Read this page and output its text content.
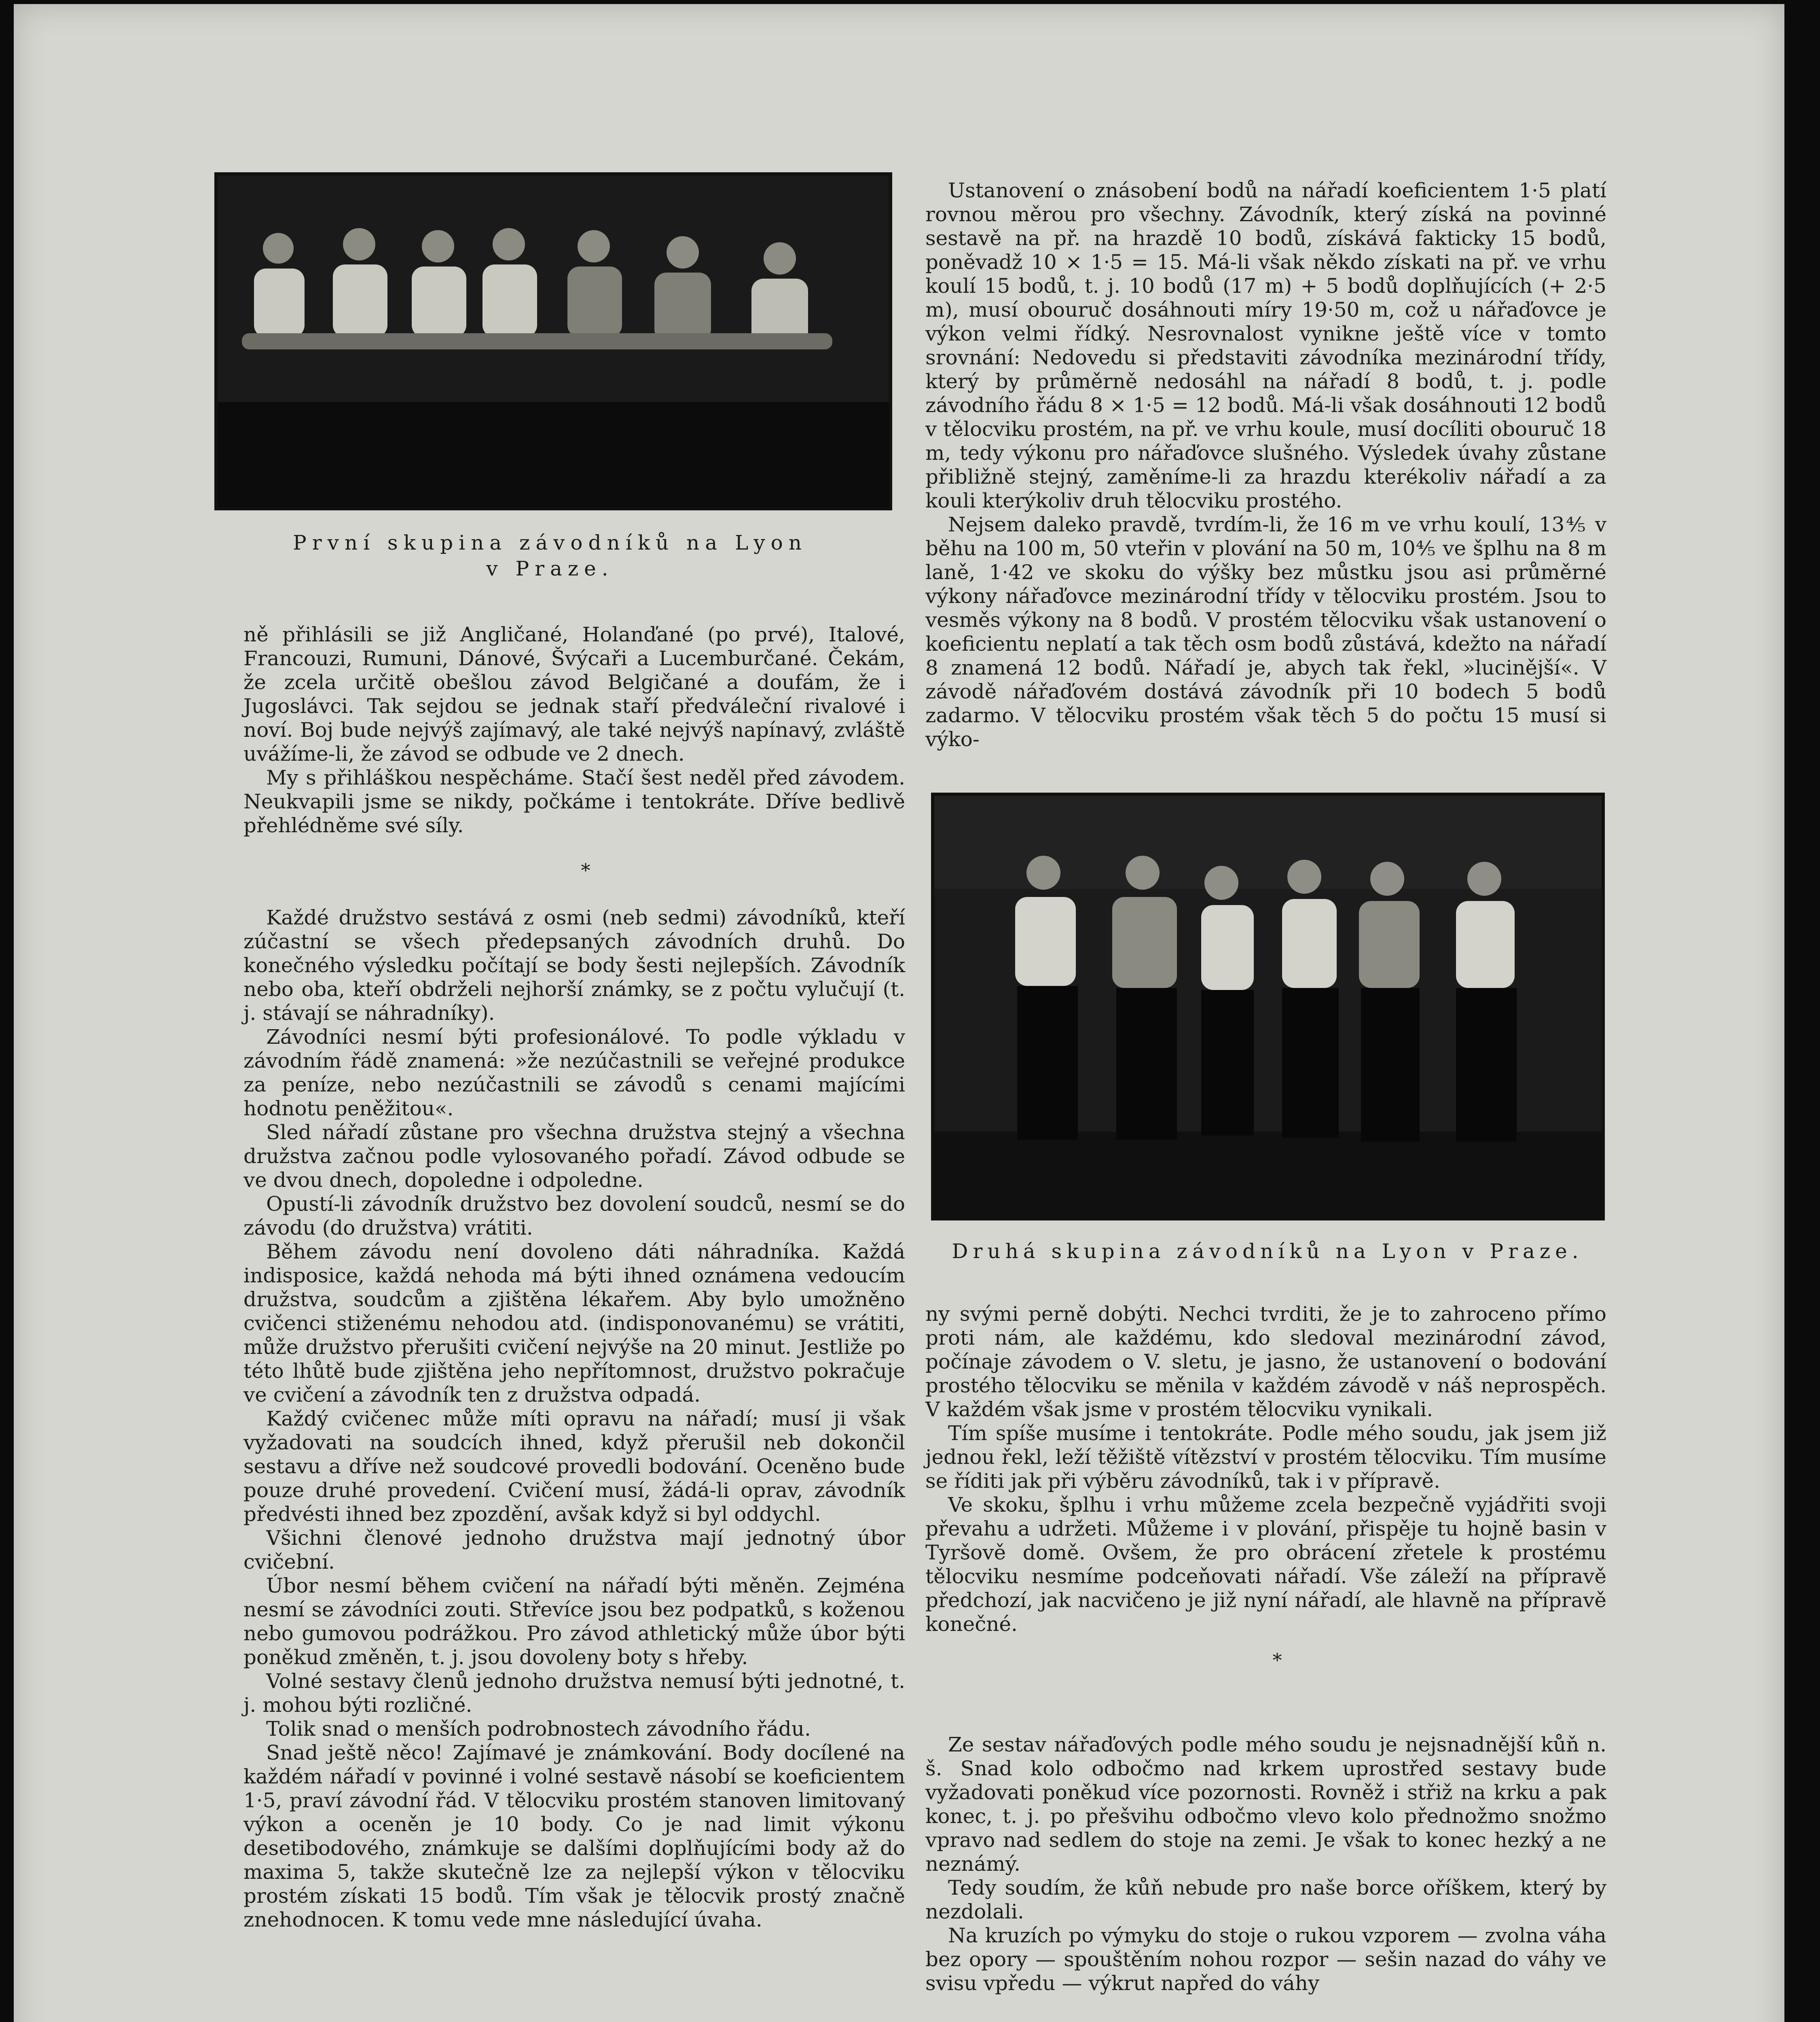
První skupina závodníků na Lyon
v Praze.

ně přihlásili se již Angličané, Holanďané (po prvé), Italové, Francouzi, Rumuni, Dánové, Švýcaři a Lucemburčané. Čekám, že zcela určitě obešlou závod Belgičané a doufám, že i Jugoslávci. Tak sejdou se jednak staří předváleční rivalové i noví. Boj bude nejvýš zajímavý, ale také nejvýš napínavý, zvláště uvážíme-li, že závod se odbude ve 2 dnech.

My s přihláškou nespěcháme. Stačí šest neděl před závodem. Neukvapili jsme se nikdy, počkáme i tentokráte. Dříve bedlivě přehlédněme své síly.

*

Každé družstvo sestává z osmi (neb sedmi) závodníků, kteří zúčastní se všech předepsaných závodních druhů. Do konečného výsledku počítají se body šesti nejlepších. Závodník nebo oba, kteří obdrželi nejhorší známky, se z počtu vylučují (t. j. stávají se náhradníky).

Závodníci nesmí býti profesionálové. To podle výkladu v závodním řádě znamená: »že nezúčastnili se veřejné produkce za peníze, nebo nezúčastnili se závodů s cenami majícími hodnotu peněžitou«.

Sled nářadí zůstane pro všechna družstva stejný a všechna družstva začnou podle vylosovaného pořadí. Závod odbude se ve dvou dnech, dopoledne i odpoledne.

Opustí-li závodník družstvo bez dovolení soudců, nesmí se do závodu (do družstva) vrátiti.

Během závodu není dovoleno dáti náhradníka. Každá indisposice, každá nehoda má býti ihned oznámena vedoucím družstva, soudcům a zjištěna lékařem. Aby bylo umožněno cvičenci stiženému nehodou atd. (indisponovanému) se vrátiti, může družstvo přerušiti cvičení nejvýše na 20 minut. Jestliže po této lhůtě bude zjištěna jeho nepřítomnost, družstvo pokračuje ve cvičení a závodník ten z družstva odpadá.

Každý cvičenec může míti opravu na nářadí; musí ji však vyžadovati na soudcích ihned, když přerušil neb dokončil sestavu a dříve než soudcové provedli bodování. Oceněno bude pouze druhé provedení. Cvičení musí, žádá-li oprav, závodník předvésti ihned bez zpozdění, avšak když si byl oddychl.

Všichni členové jednoho družstva mají jednotný úbor cvičební.

Úbor nesmí během cvičení na nářadí býti měněn. Zejména nesmí se závodníci zouti. Střevíce jsou bez podpatků, s koženou nebo gumovou podrážkou. Pro závod athletický může úbor býti poněkud změněn, t. j. jsou dovoleny boty s hřeby.

Volné sestavy členů jednoho družstva nemusí býti jednotné, t. j. mohou býti rozličné.

Tolik snad o menších podrobnostech závodního řádu.

Snad ještě něco! Zajímavé je známkování. Body docílené na každém nářadí v povinné i volné sestavě násobí se koeficientem 1·5, praví závodní řád. V tělocviku prostém stanoven limitovaný výkon a oceněn je 10 body. Co je nad limit výkonu desetibodového, známkuje se dalšími doplňujícími body až do maxima 5, takže skutečně lze za nejlepší výkon v tělocviku prostém získati 15 bodů. Tím však je tělocvik prostý značně znehodnocen. K tomu vede mne následující úvaha.

Ustanovení o znásobení bodů na nářadí koeficientem 1·5 platí rovnou měrou pro všechny. Závodník, který získá na povinné sestavě na př. na hrazdě 10 bodů, získává fakticky 15 bodů, poněvadž 10 × 1·5 = 15. Má-li však někdo získati na př. ve vrhu koulí 15 bodů, t. j. 10 bodů (17 m) + 5 bodů doplňujících (+ 2·5 m), musí obouruč dosáhnouti míry 19·50 m, což u nářaďovce je výkon velmi řídký. Nesrovnalost vynikne ještě více v tomto srovnání: Nedovedu si představiti závodníka mezinárodní třídy, který by průměrně nedosáhl na nářadí 8 bodů, t. j. podle závodního řádu 8 × 1·5 = 12 bodů. Má-li však dosáhnouti 12 bodů v tělocviku prostém, na př. ve vrhu koule, musí docíliti obouruč 18 m, tedy výkonu pro nářaďovce slušného. Výsledek úvahy zůstane přibližně stejný, zaměníme-li za hrazdu kterékoliv nářadí a za kouli kterýkoliv druh tělocviku prostého.

Nejsem daleko pravdě, tvrdím-li, že 16 m ve vrhu koulí, 13⅘ v běhu na 100 m, 50 vteřin v plování na 50 m, 10⅘ ve šplhu na 8 m laně, 1·42 ve skoku do výšky bez můstku jsou asi průměrné výkony nářaďovce mezinárodní třídy v tělocviku prostém. Jsou to vesměs výkony na 8 bodů. V prostém tělocviku však ustanovení o koeficientu neplatí a tak těch osm bodů zůstává, kdežto na nářadí 8 znamená 12 bodů. Nářadí je, abych tak řekl, »lucinější«. V závodě nářaďovém dostává závodník při 10 bodech 5 bodů zadarmo. V tělocviku prostém však těch 5 do počtu 15 musí si výko-

Druhá skupina závodníků na Lyon v Praze.

ny svými perně dobýti. Nechci tvrditi, že je to zahroceno přímo proti nám, ale každému, kdo sledoval mezinárodní závod, počínaje závodem o V. sletu, je jasno, že ustanovení o bodování prostého tělocviku se měnila v každém závodě v náš neprospěch. V každém však jsme v prostém tělocviku vynikali.

Tím spíše musíme i tentokráte. Podle mého soudu, jak jsem již jednou řekl, leží těžiště vítězství v prostém tělocviku. Tím musíme se říditi jak při výběru závodníků, tak i v přípravě.

Ve skoku, šplhu i vrhu můžeme zcela bezpečně vyjádřiti svoji převahu a udržeti. Můžeme i v plování, přispěje tu hojně basin v Tyršově domě. Ovšem, že pro obrácení zřetele k prostému tělocviku nesmíme podceňovati nářadí. Vše záleží na přípravě předchozí, jak nacvičeno je již nyní nářadí, ale hlavně na přípravě konečné.

*

Ze sestav nářaďových podle mého soudu je nejsnadnější kůň n. š. Snad kolo odbočmo nad krkem uprostřed sestavy bude vyžadovati poněkud více pozornosti. Rovněž i střiž na krku a pak konec, t. j. po přešvihu odbočmo vlevo kolo přednožmo snožmo vpravo nad sedlem do stoje na zemi. Je však to konec hezký a ne neznámý.

Tedy soudím, že kůň nebude pro naše borce oříškem, který by nezdolali.

Na kruzích po výmyku do stoje o rukou vzporem — zvolna váha bez opory — spouštěním nohou rozpor — sešin nazad do váhy ve svisu vpředu — výkrut napřed do váhy
